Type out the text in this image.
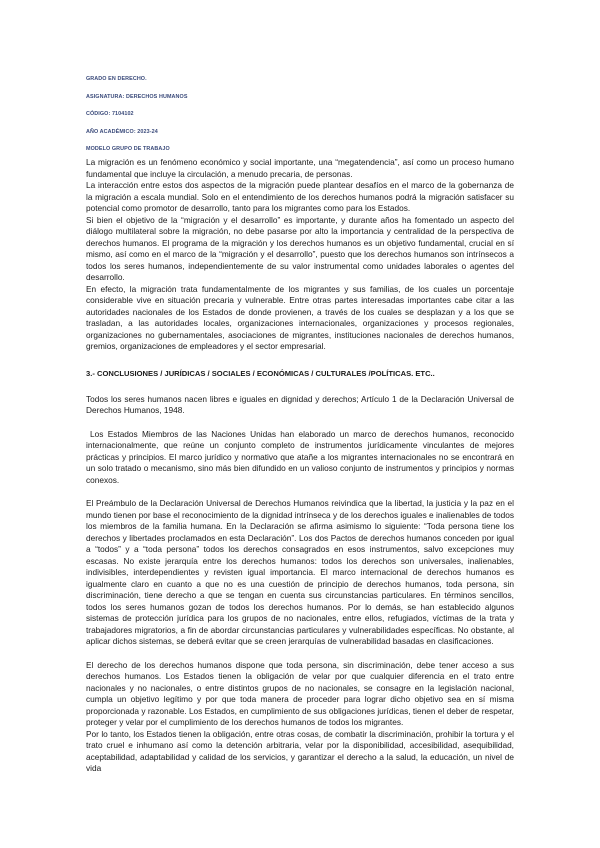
GRADO EN DERECHO.
ASIGNATURA: DERECHOS HUMANOS
CÓDIGO: 7104102
AÑO ACADÉMICO: 2023-24
MODELO GRUPO DE TRABAJO

La migración es un fenómeno económico y social importante, una “megatendencia”, así como un proceso humano fundamental que incluye la circulación, a menudo precaria, de personas.

La interacción entre estos dos aspectos de la migración puede plantear desafíos en el marco de la gobernanza de la migración a escala mundial. Solo en el entendimiento de los derechos humanos podrá la migración satisfacer su potencial como promotor de desarrollo, tanto para los migrantes como para los Estados.

Si bien el objetivo de la “migración y el desarrollo” es importante, y durante años ha fomentado un aspecto del diálogo multilateral sobre la migración, no debe pasarse por alto la importancia y centralidad de la perspectiva de derechos humanos. El programa de la migración y los derechos humanos es un objetivo fundamental, crucial en sí mismo, así como en el marco de la “migración y el desarrollo”, puesto que los derechos humanos son intrínsecos a todos los seres humanos, independientemente de su valor instrumental como unidades laborales o agentes del desarrollo.

En efecto, la migración trata fundamentalmente de los migrantes y sus familias, de los cuales un porcentaje considerable vive en situación precaria y vulnerable. Entre otras partes interesadas importantes cabe citar a las autoridades nacionales de los Estados de donde provienen, a través de los cuales se desplazan y a los que se trasladan, a las autoridades locales, organizaciones internacionales, organizaciones y procesos regionales, organizaciones no gubernamentales, asociaciones de migrantes, instituciones nacionales de derechos humanos, gremios, organizaciones de empleadores y el sector empresarial.

3.- CONCLUSIONES / JURÍDICAS / SOCIALES / ECONÓMICAS / CULTURALES /POLÍTICAS. ETC..

Todos los seres humanos nacen libres e iguales en dignidad y derechos; Artículo 1 de la Declaración Universal de Derechos Humanos, 1948.

Los Estados Miembros de las Naciones Unidas han elaborado un marco de derechos humanos, reconocido internacionalmente, que reúne un conjunto completo de instrumentos jurídicamente vinculantes de mejores prácticas y principios. El marco jurídico y normativo que atañe a los migrantes internacionales no se encontrará en un solo tratado o mecanismo, sino más bien difundido en un valioso conjunto de instrumentos y principios y normas conexos.

El Preámbulo de la Declaración Universal de Derechos Humanos reivindica que la libertad, la justicia y la paz en el mundo tienen por base el reconocimiento de la dignidad intrínseca y de los derechos iguales e inalienables de todos los miembros de la familia humana. En la Declaración se afirma asimismo lo siguiente: “Toda persona tiene los derechos y libertades proclamados en esta Declaración”. Los dos Pactos de derechos humanos conceden por igual a “todos” y a “toda persona” todos los derechos consagrados en esos instrumentos, salvo excepciones muy escasas. No existe jerarquía entre los derechos humanos: todos los derechos son universales, inalienables, indivisibles, interdependientes y revisten igual importancia. El marco internacional de derechos humanos es igualmente claro en cuanto a que no es una cuestión de principio de derechos humanos, toda persona, sin discriminación, tiene derecho a que se tengan en cuenta sus circunstancias particulares. En términos sencillos, todos los seres humanos gozan de todos los derechos humanos. Por lo demás, se han establecido algunos sistemas de protección jurídica para los grupos de no nacionales, entre ellos, refugiados, víctimas de la trata y trabajadores migratorios, a fin de abordar circunstancias particulares y vulnerabilidades específicas. No obstante, al aplicar dichos sistemas, se deberá evitar que se creen jerarquías de vulnerabilidad basadas en clasificaciones.

El derecho de los derechos humanos dispone que toda persona, sin discriminación, debe tener acceso a sus derechos humanos. Los Estados tienen la obligación de velar por que cualquier diferencia en el trato entre nacionales y no nacionales, o entre distintos grupos de no nacionales, se consagre en la legislación nacional, cumpla un objetivo legítimo y por que toda manera de proceder para lograr dicho objetivo sea en sí misma proporcionada y razonable. Los Estados, en cumplimiento de sus obligaciones jurídicas, tienen el deber de respetar, proteger y velar por el cumplimiento de los derechos humanos de todos los migrantes.

Por lo tanto, los Estados tienen la obligación, entre otras cosas, de combatir la discriminación, prohibir la tortura y el trato cruel e inhumano así como la detención arbitraria, velar por la disponibilidad, accesibilidad, asequibilidad, aceptabilidad, adaptabilidad y calidad de los servicios, y garantizar el derecho a la salud, la educación, un nivel de vida
